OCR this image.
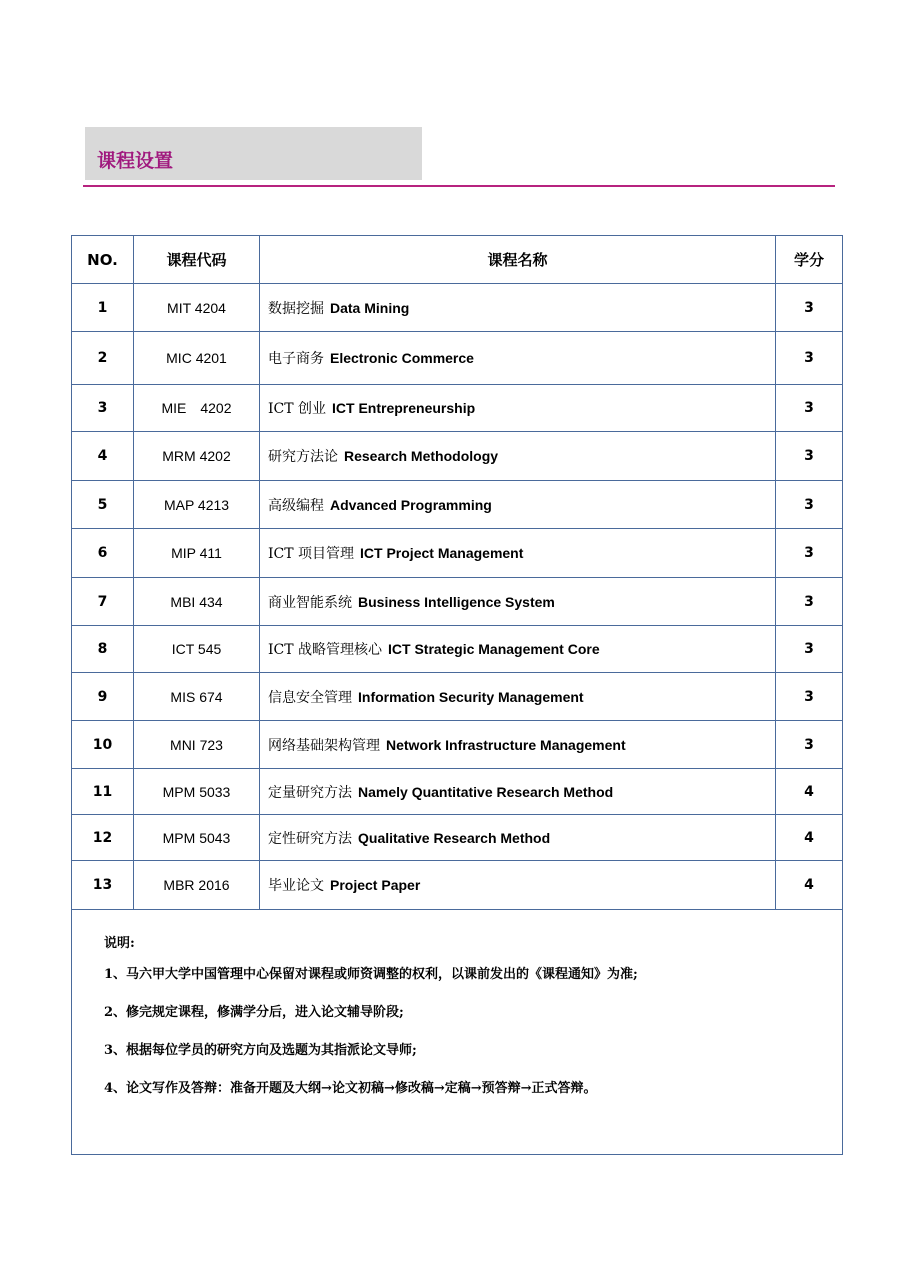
课程设置
NO.	课程代码	课程名称	学分
1	MIT 4204	数据挖掘 Data Mining	3
2	MIC 4201	电子商务 Electronic Commerce	3
3	MIE　4202	ICT 创业 ICT Entrepreneurship	3
4	MRM 4202	研究方法论 Research Methodology	3
5	MAP 4213	高级编程 Advanced Programming	3
6	MIP 411	ICT 项目管理 ICT Project Management	3
7	MBI 434	商业智能系统 Business Intelligence System	3
8	ICT 545	ICT 战略管理核心 ICT Strategic Management Core	3
9	MIS 674	信息安全管理 Information Security Management	3
10	MNI 723	网络基础架构管理 Network Infrastructure Management	3
11	MPM 5033	定量研究方法 Namely Quantitative Research Method	4
12	MPM 5043	定性研究方法 Qualitative Research Method	4
13	MBR 2016	毕业论文 Project Paper	4

说明:
1、马六甲大学中国管理中心保留对课程或师资调整的权利，以课前发出的《课程通知》为准;
2、修完规定课程，修满学分后，进入论文辅导阶段;
3、根据每位学员的研究方向及选题为其指派论文导师;
4、论文写作及答辩：准备开题及大纲→论文初稿→修改稿→定稿→预答辩→正式答辩。			
